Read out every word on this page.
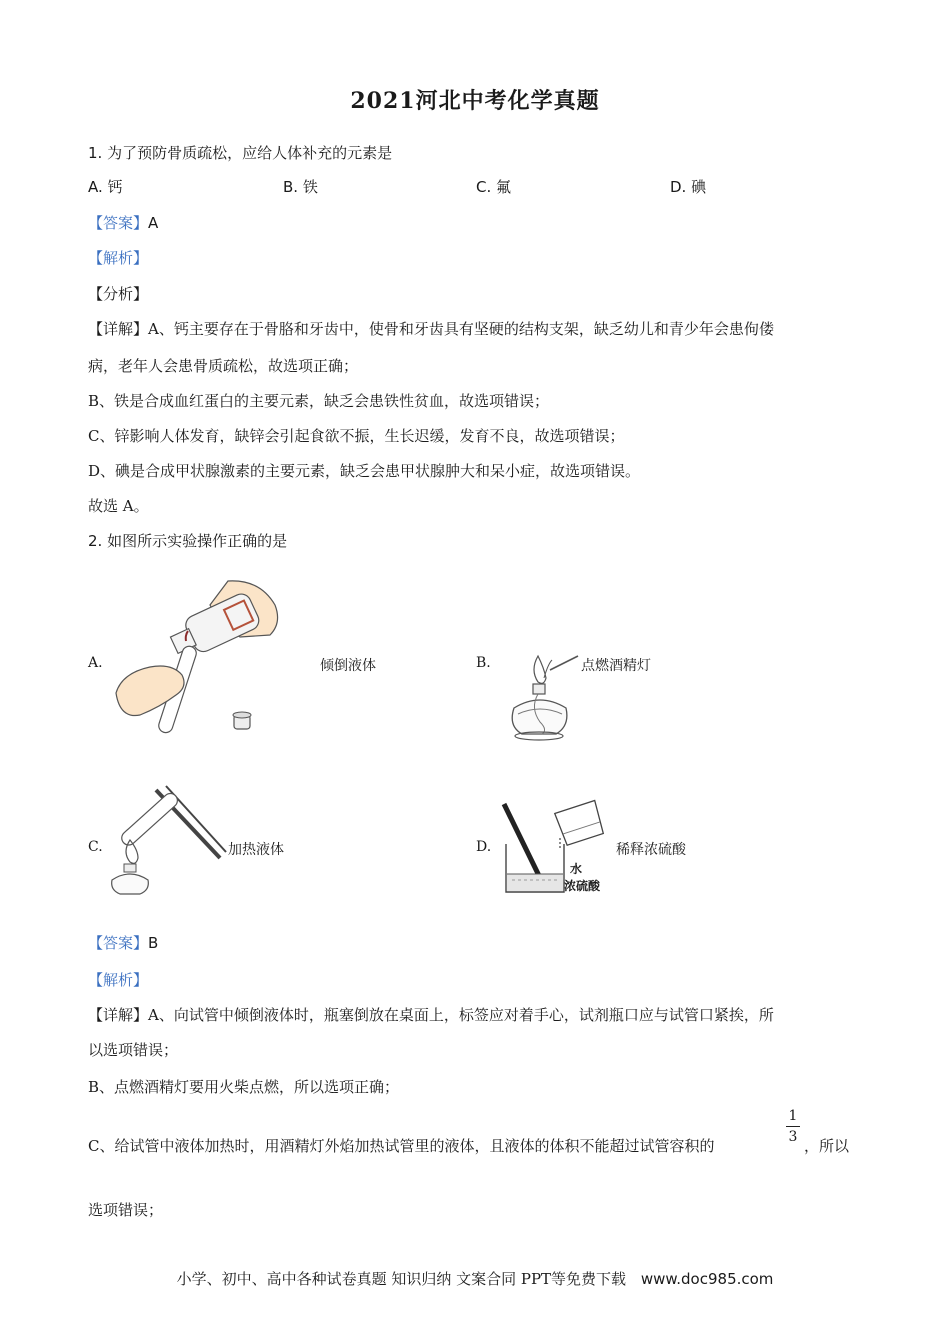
2021河北中考化学真题
1. 为了预防骨质疏松，应给人体补充的元素是
A. 钙	B. 铁	C. 氟	D. 碘
【答案】A
【解析】
【分析】
【详解】A、钙主要存在于骨胳和牙齿中，使骨和牙齿具有坚硬的结构支架，缺乏幼儿和青少年会患佝偻
病，老年人会患骨质疏松，故选项正确；
B、铁是合成血红蛋白的主要元素，缺乏会患铁性贫血，故选项错误；
C、锌影响人体发育，缺锌会引起食欲不振，生长迟缓，发育不良，故选项错误；
D、碘是合成甲状腺激素的主要元素，缺乏会患甲状腺肿大和呆小症，故选项错误。
故选 A。
2. 如图所示实验操作正确的是
A.	倾倒液体	B.	点燃酒精灯
C.	加热液体	D.
水
浓硫酸
稀释浓硫酸
【答案】B
【解析】
【详解】A、向试管中倾倒液体时，瓶塞倒放在桌面上，标签应对着手心，试剂瓶口应与试管口紧挨，所
以选项错误；
B、点燃酒精灯要用火柴点燃，所以选项正确；
C、给试管中液体加热时，用酒精灯外焰加热试管里的液体，且液体的体积不能超过试管容积的
1
3 ，所以
选项错误；
小学、初中、高中各种试卷真题 知识归纳 文案合同 PPT等免费下载 www.doc985.com
